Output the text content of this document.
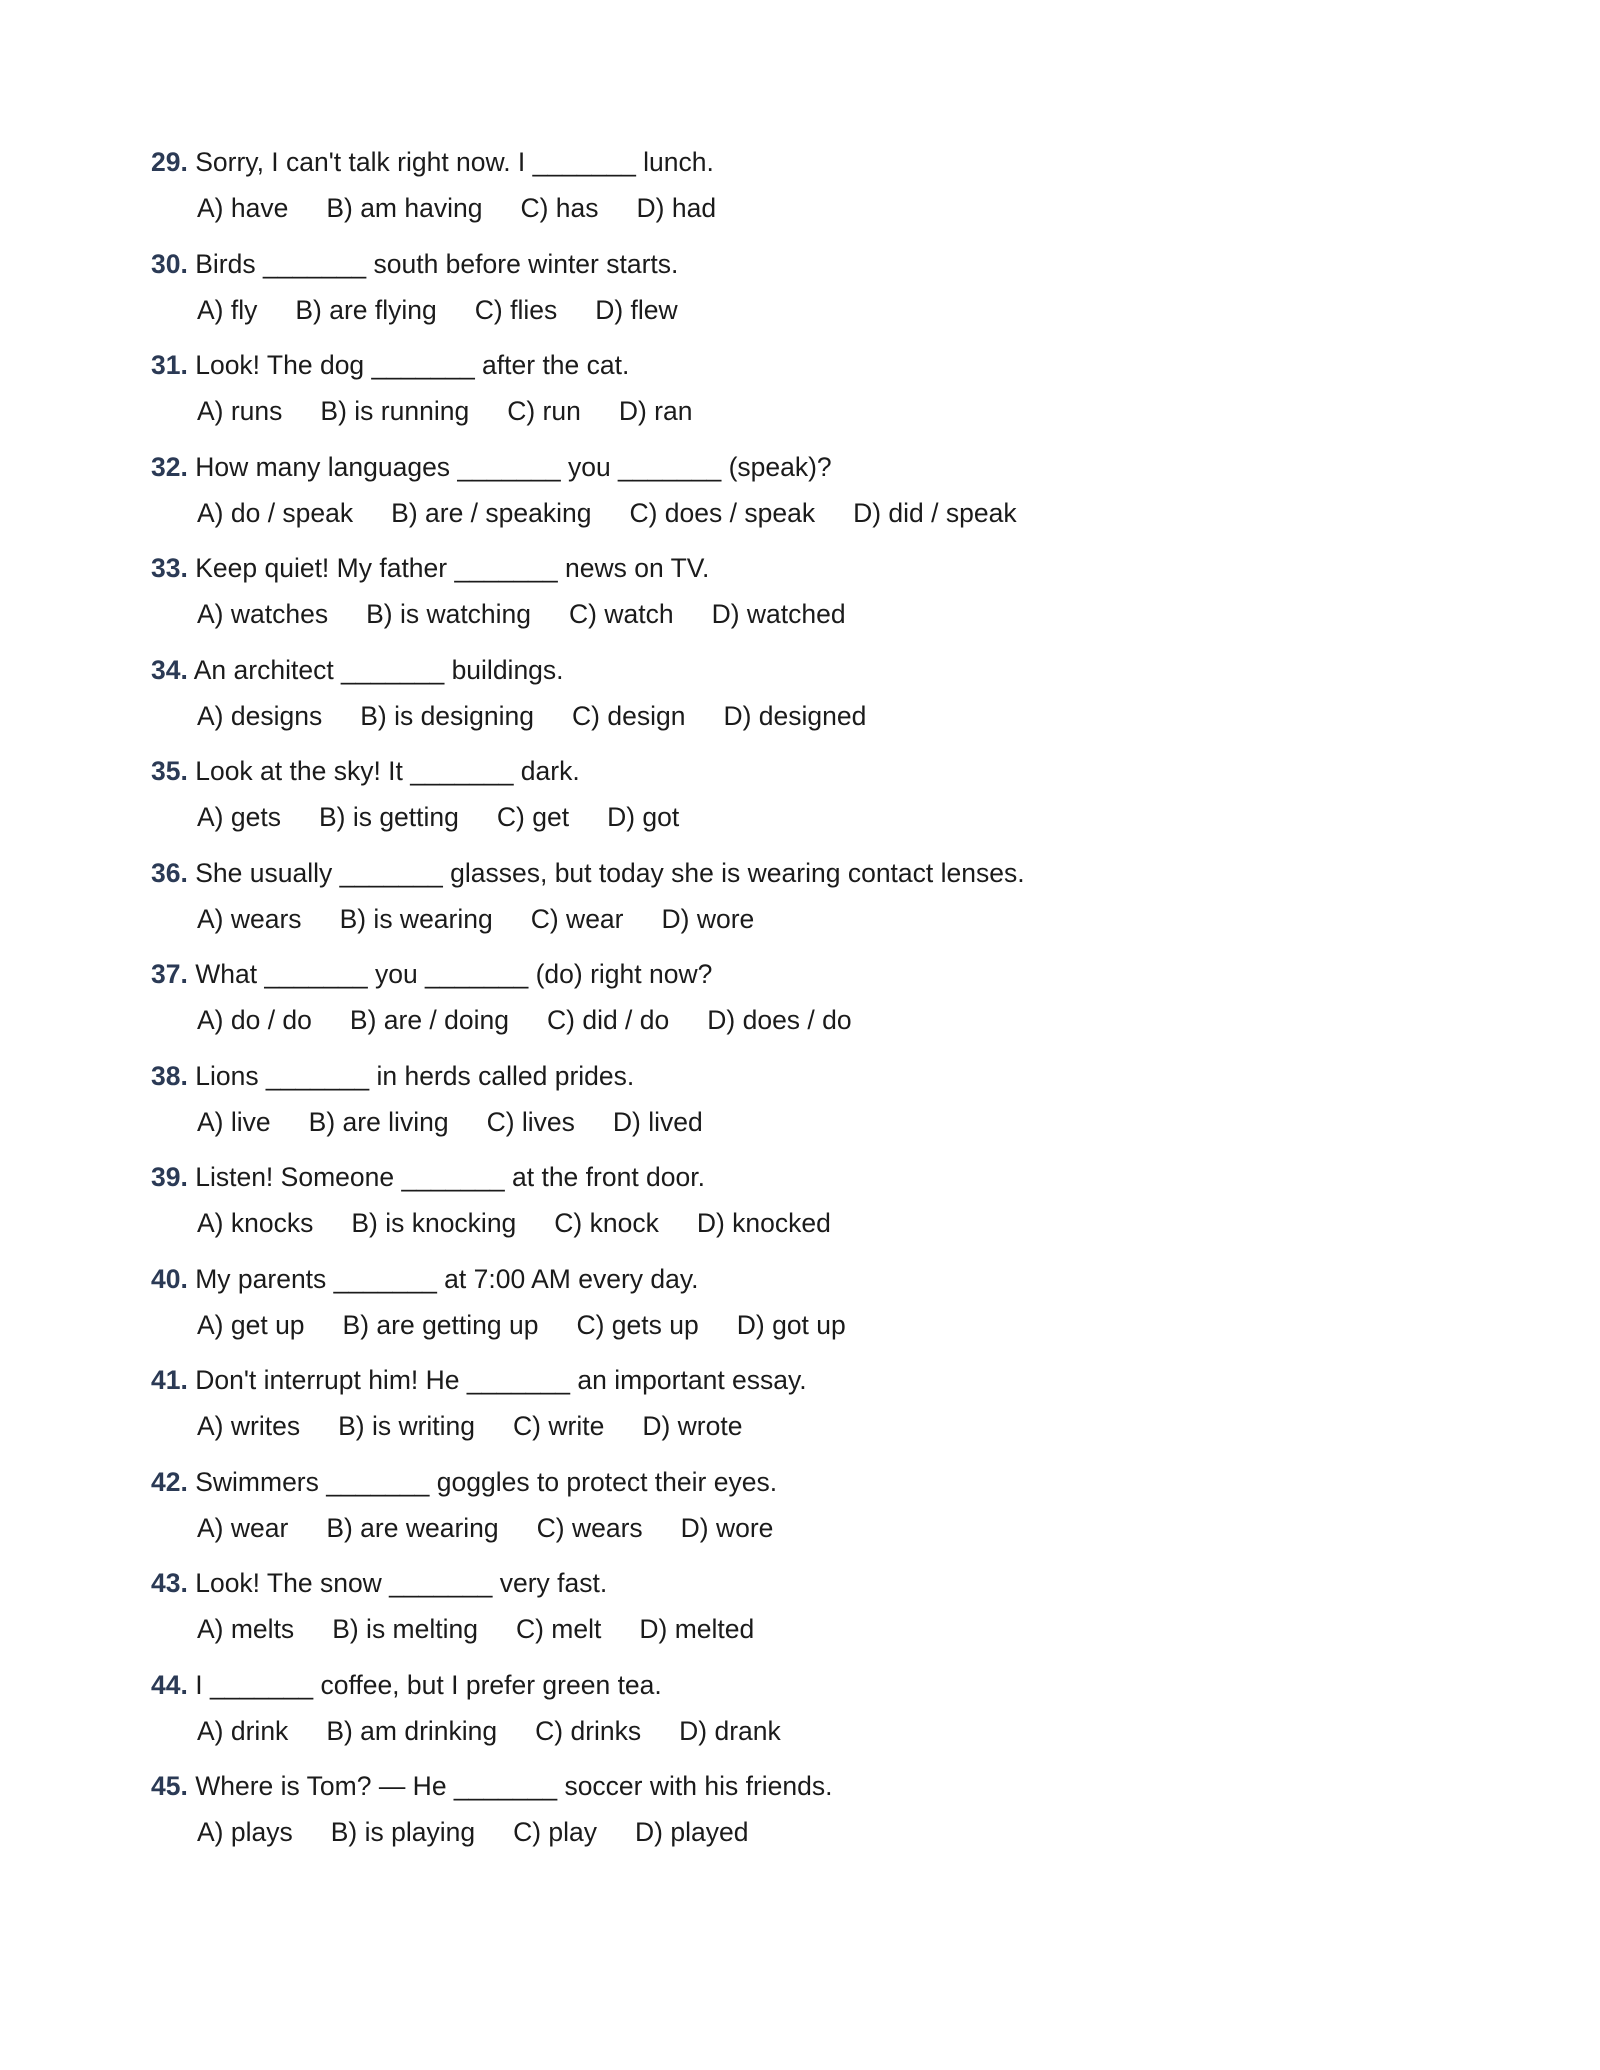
29. Sorry, I can't talk right now. I _______ lunch.
A) have B) am having C) has D) had
30. Birds _______ south before winter starts.
A) fly B) are flying C) flies D) flew
31. Look! The dog _______ after the cat.
A) runs B) is running C) run D) ran
32. How many languages _______ you _______ (speak)?
A) do / speak B) are / speaking C) does / speak D) did / speak
33. Keep quiet! My father _______ news on TV.
A) watches B) is watching C) watch D) watched
34. An architect _______ buildings.
A) designs B) is designing C) design D) designed
35. Look at the sky! It _______ dark.
A) gets B) is getting C) get D) got
36. She usually _______ glasses, but today she is wearing contact lenses.
A) wears B) is wearing C) wear D) wore
37. What _______ you _______ (do) right now?
A) do / do B) are / doing C) did / do D) does / do
38. Lions _______ in herds called prides.
A) live B) are living C) lives D) lived
39. Listen! Someone _______ at the front door.
A) knocks B) is knocking C) knock D) knocked
40. My parents _______ at 7:00 AM every day.
A) get up B) are getting up C) gets up D) got up
41. Don't interrupt him! He _______ an important essay.
A) writes B) is writing C) write D) wrote
42. Swimmers _______ goggles to protect their eyes.
A) wear B) are wearing C) wears D) wore
43. Look! The snow _______ very fast.
A) melts B) is melting C) melt D) melted
44. I _______ coffee, but I prefer green tea.
A) drink B) am drinking C) drinks D) drank
45. Where is Tom? — He _______ soccer with his friends.
A) plays B) is playing C) play D) played
